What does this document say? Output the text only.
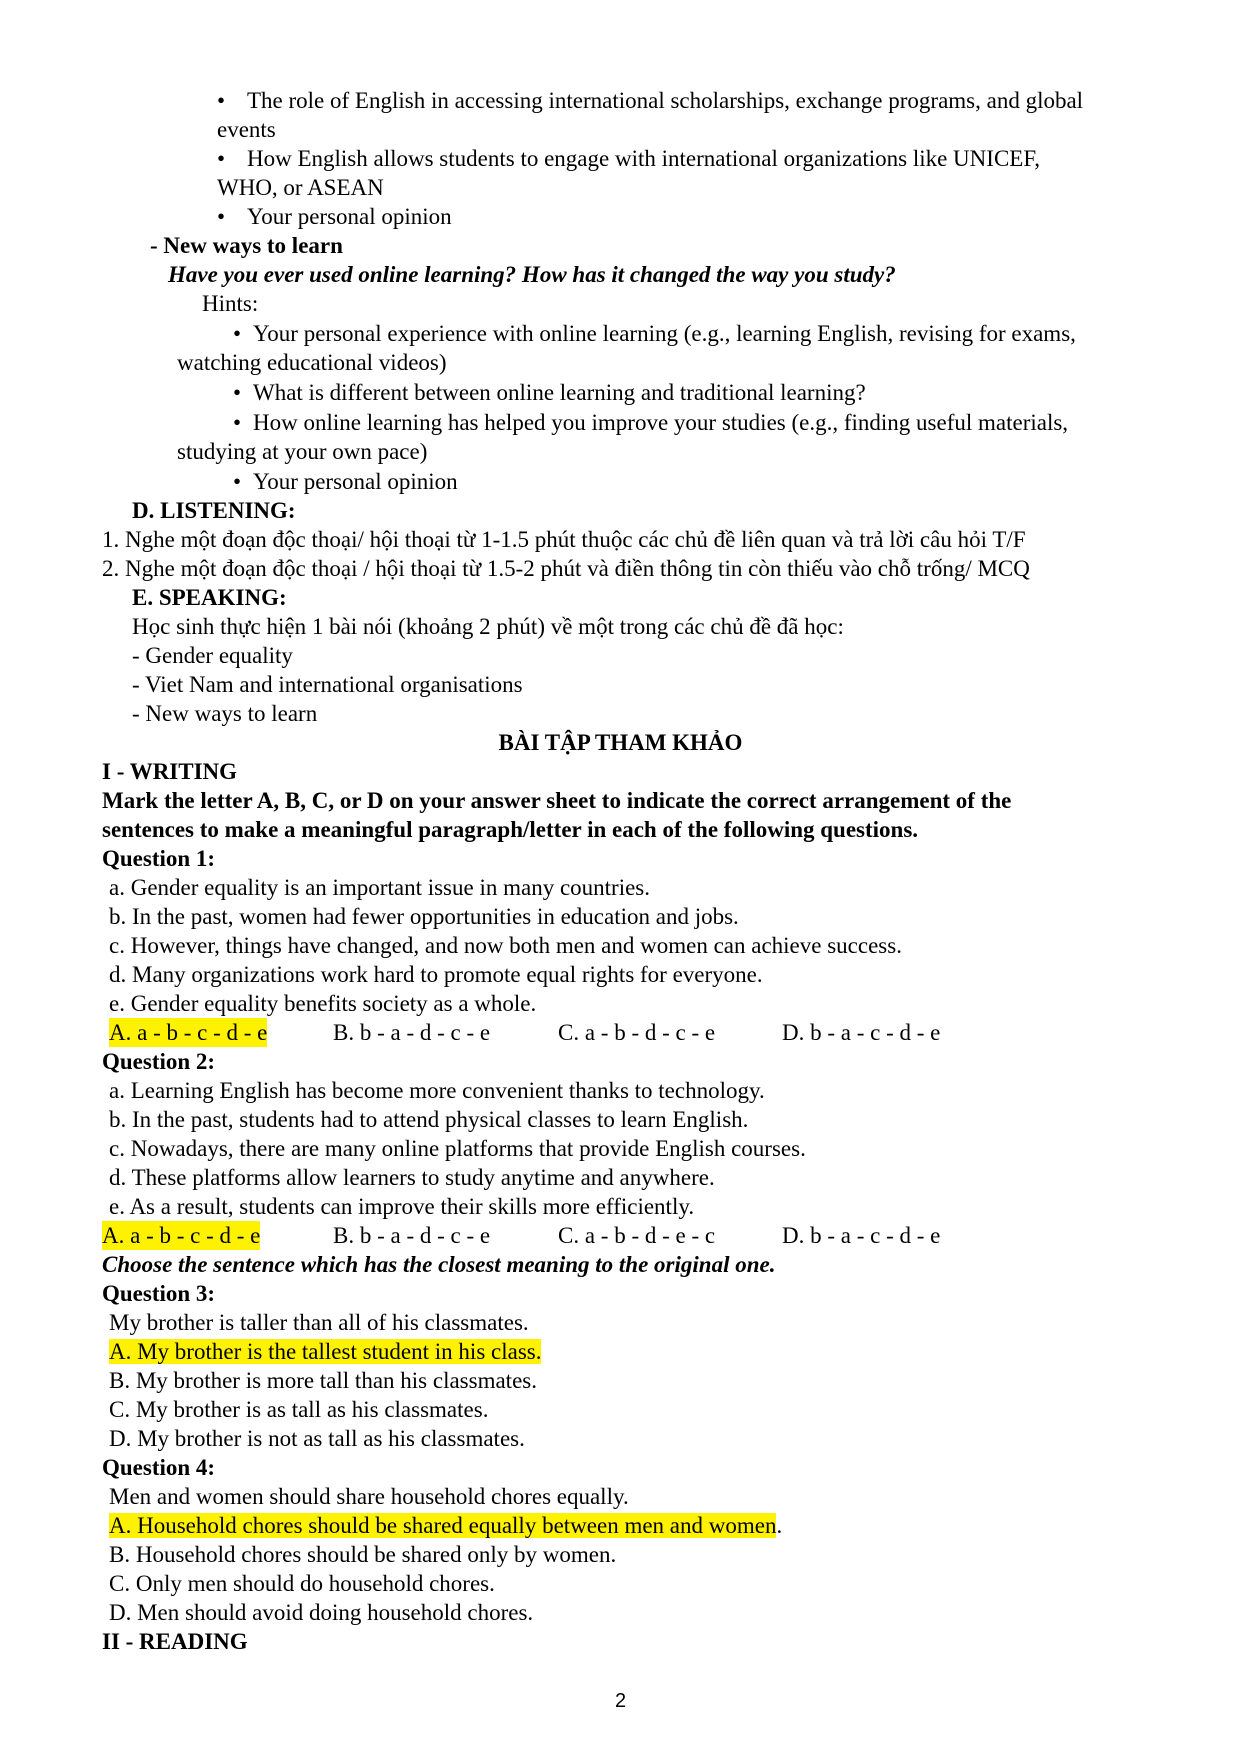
• The role of English in accessing international scholarships, exchange programs, and global
events
• How English allows students to engage with international organizations like UNICEF,
WHO, or ASEAN
• Your personal opinion
- New ways to learn
Have you ever used online learning? How has it changed the way you study?
Hints:
• Your personal experience with online learning (e.g., learning English, revising for exams,
watching educational videos)
• What is different between online learning and traditional learning?
• How online learning has helped you improve your studies (e.g., finding useful materials,
studying at your own pace)
• Your personal opinion
D. LISTENING:
1. Nghe một đoạn độc thoại/ hội thoại từ 1-1.5 phút thuộc các chủ đề liên quan và trả lời câu hỏi T/F
2. Nghe một đoạn độc thoại / hội thoại từ 1.5-2 phút và điền thông tin còn thiếu vào chỗ trống/ MCQ
E. SPEAKING:
Học sinh thực hiện 1 bài nói (khoảng 2 phút) về một trong các chủ đề đã học:
- Gender equality
- Viet Nam and international organisations
- New ways to learn
BÀI TẬP THAM KHẢO
I - WRITING
Mark the letter A, B, C, or D on your answer sheet to indicate the correct arrangement of the
sentences to make a meaningful paragraph/letter in each of the following questions.
Question 1:
a. Gender equality is an important issue in many countries.
b. In the past, women had fewer opportunities in education and jobs.
c. However, things have changed, and now both men and women can achieve success.
d. Many organizations work hard to promote equal rights for everyone.
e. Gender equality benefits society as a whole.
A. a - b - c - d - e	B. b - a - d - c - e	C. a - b - d - c - e	D. b - a - c - d - e
Question 2:
a. Learning English has become more convenient thanks to technology.
b. In the past, students had to attend physical classes to learn English.
c. Nowadays, there are many online platforms that provide English courses.
d. These platforms allow learners to study anytime and anywhere.
e. As a result, students can improve their skills more efficiently.
A. a - b - c - d - e	B. b - a - d - c - e	C. a - b - d - e - c	D. b - a - c - d - e
Choose the sentence which has the closest meaning to the original one.
Question 3:
My brother is taller than all of his classmates.
A. My brother is the tallest student in his class.
B. My brother is more tall than his classmates.
C. My brother is as tall as his classmates.
D. My brother is not as tall as his classmates.
Question 4:
Men and women should share household chores equally.
A. Household chores should be shared equally between men and women.
B. Household chores should be shared only by women.
C. Only men should do household chores.
D. Men should avoid doing household chores.
II - READING
2
